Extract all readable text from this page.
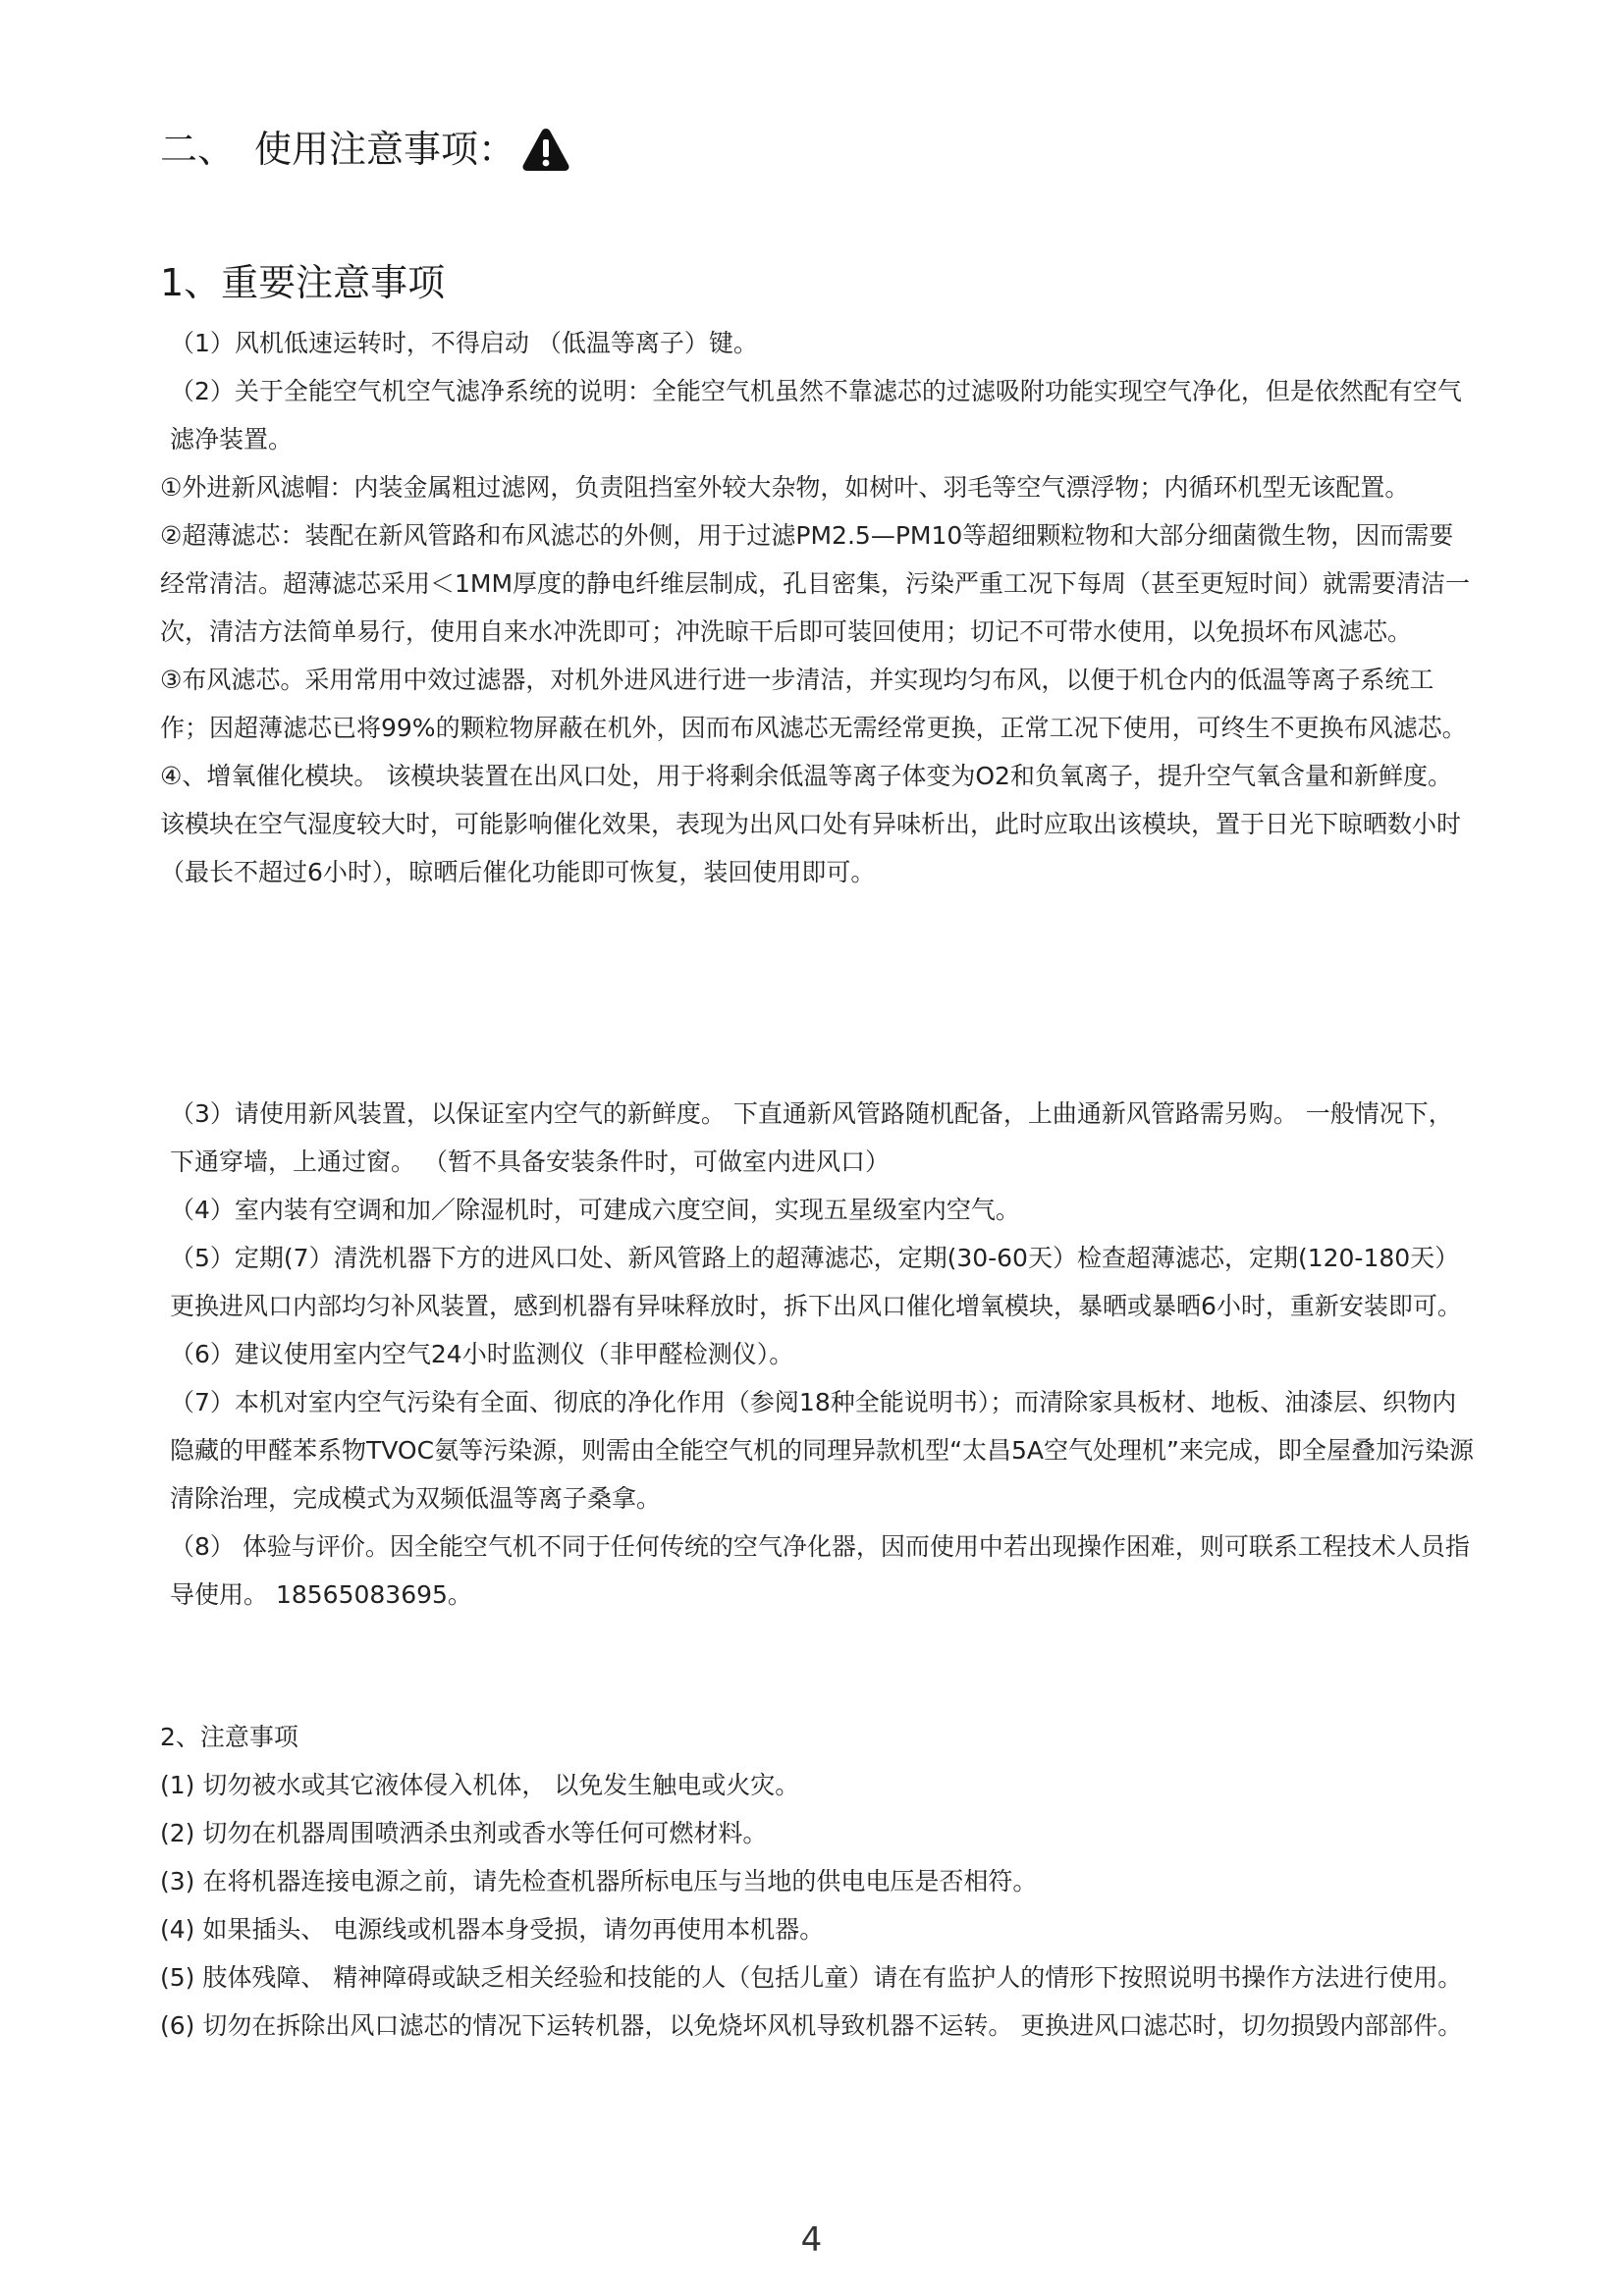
二、 使用注意事项：
1、重要注意事项

（1）风机低速运转时，不得启动 （低温等离子）键。

（2）关于全能空气机空气滤净系统的说明：全能空气机虽然不靠滤芯的过滤吸附功能实现空气净化，但是依然配有空气滤净装置。

①外进新风滤帽：内装金属粗过滤网，负责阻挡室外较大杂物，如树叶、羽毛等空气漂浮物；内循环机型无该配置。

②超薄滤芯：装配在新风管路和布风滤芯的外侧，用于过滤PM2.5—PM10等超细颗粒物和大部分细菌微生物，因而需要经常清洁。超薄滤芯采用＜1MM厚度的静电纤维层制成，孔目密集，污染严重工况下每周（甚至更短时间）就需要清洁一次，清洁方法简单易行，使用自来水冲洗即可；冲洗晾干后即可装回使用；切记不可带水使用，以免损坏布风滤芯。

③布风滤芯。采用常用中效过滤器，对机外进风进行进一步清洁，并实现均匀布风，以便于机仓内的低温等离子系统工作；因超薄滤芯已将99%的颗粒物屏蔽在机外，因而布风滤芯无需经常更换，正常工况下使用，可终生不更换布风滤芯。

④、增氧催化模块。 该模块装置在出风口处，用于将剩余低温等离子体变为O2和负氧离子，提升空气氧含量和新鲜度。 该模块在空气湿度较大时，可能影响催化效果，表现为出风口处有异味析出，此时应取出该模块，置于日光下晾晒数小时（最长不超过6小时），晾晒后催化功能即可恢复，装回使用即可。

（3）请使用新风装置，以保证室内空气的新鲜度。 下直通新风管路随机配备，上曲通新风管路需另购。 一般情况下，下通穿墙，上通过窗。 （暂不具备安装条件时，可做室内进风口）

（4）室内装有空调和加／除湿机时，可建成六度空间，实现五星级室内空气。

（5）定期(7）清洗机器下方的进风口处、新风管路上的超薄滤芯，定期(30-60天）检查超薄滤芯，定期(120-180天）更换进风口内部均匀补风装置，感到机器有异味释放时，拆下出风口催化增氧模块，暴晒或暴晒6小时，重新安装即可。

（6）建议使用室内空气24小时监测仪（非甲醛检测仪）。

（7）本机对室内空气污染有全面、彻底的净化作用（参阅18种全能说明书）；而清除家具板材、地板、油漆层、织物内隐藏的甲醛苯系物TVOC氨等污染源，则需由全能空气机的同理异款机型“太昌5A空气处理机”来完成，即全屋叠加污染源清除治理，完成模式为双频低温等离子桑拿。

（8） 体验与评价。因全能空气机不同于任何传统的空气净化器，因而使用中若出现操作困难，则可联系工程技术人员指导使用。 18565083695。

2、注意事项

(1) 切勿被水或其它液体侵入机体， 以免发生触电或火灾。

(2) 切勿在机器周围喷洒杀虫剂或香水等任何可燃材料。

(3) 在将机器连接电源之前，请先检查机器所标电压与当地的供电电压是否相符。

(4) 如果插头、 电源线或机器本身受损，请勿再使用本机器。

(5) 肢体残障、 精神障碍或缺乏相关经验和技能的人（包括儿童）请在有监护人的情形下按照说明书操作方法进行使用。

(6) 切勿在拆除出风口滤芯的情况下运转机器，以免烧坏风机导致机器不运转。 更换进风口滤芯时，切勿损毁内部部件。

4
